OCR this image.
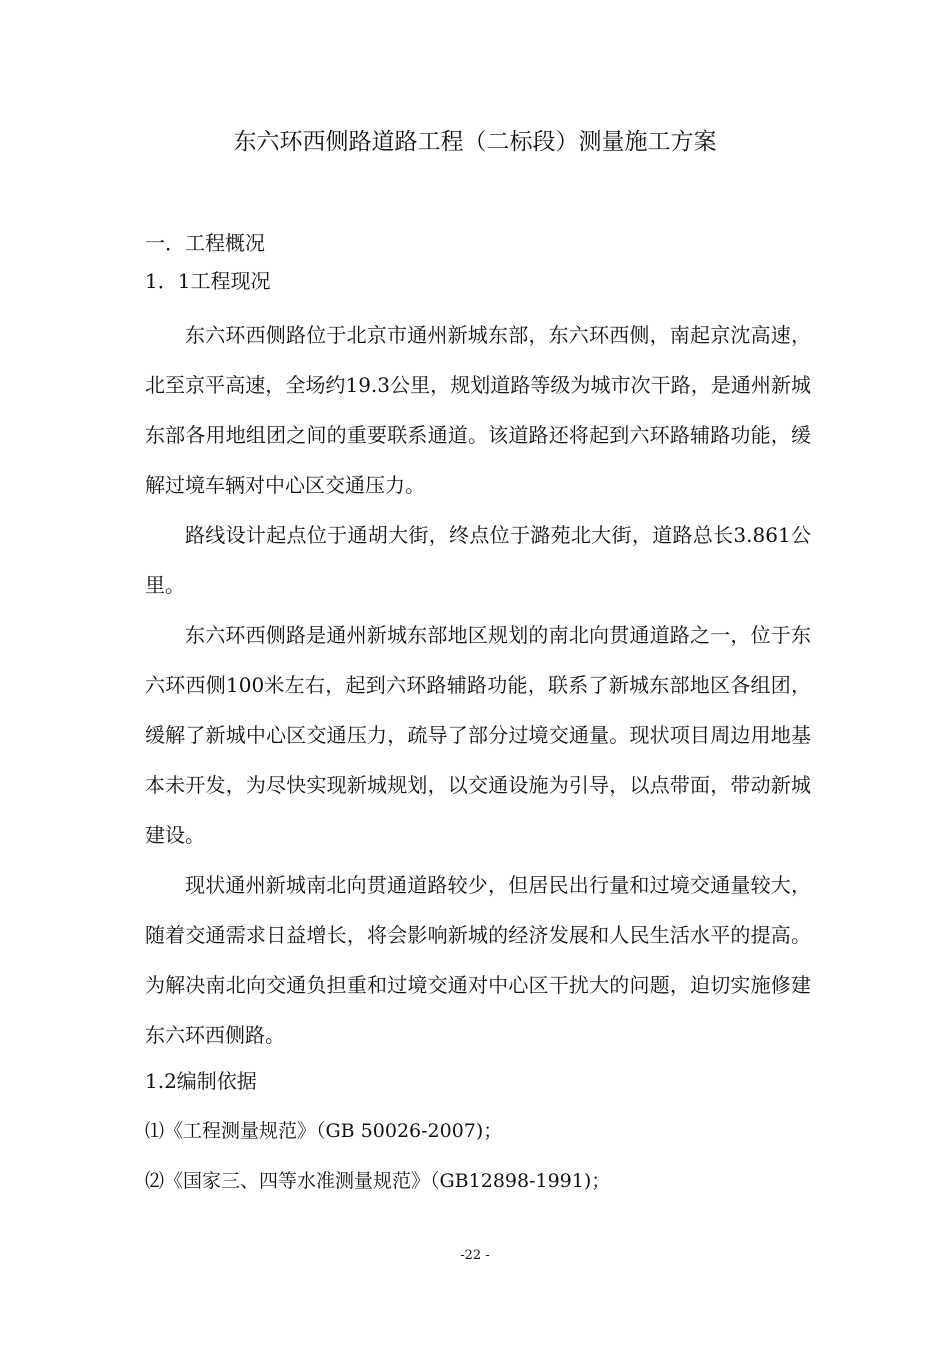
东六环西侧路道路工程（二标段）测量施工方案
一．工程概况
1．1工程现况

东六环西侧路位于北京市通州新城东部，东六环西侧，南起京沈高速，北至京平高速，全场约19.3公里，规划道路等级为城市次干路，是通州新城东部各用地组团之间的重要联系通道。该道路还将起到六环路辅路功能，缓解过境车辆对中心区交通压力。

路线设计起点位于通胡大街，终点位于潞苑北大街，道路总长3.861公里。

东六环西侧路是通州新城东部地区规划的南北向贯通道路之一，位于东六环西侧100米左右，起到六环路辅路功能，联系了新城东部地区各组团，缓解了新城中心区交通压力，疏导了部分过境交通量。现状项目周边用地基本未开发，为尽快实现新城规划，以交通设施为引导，以点带面，带动新城建设。

现状通州新城南北向贯通道路较少，但居民出行量和过境交通量较大，随着交通需求日益增长，将会影响新城的经济发展和人民生活水平的提高。为解决南北向交通负担重和过境交通对中心区干扰大的问题，迫切实施修建东六环西侧路。

1.2编制依据
⑴《工程测量规范》（GB 50026-2007)；
⑵《国家三、四等水准测量规范》（GB12898-1991)；
-22 -
